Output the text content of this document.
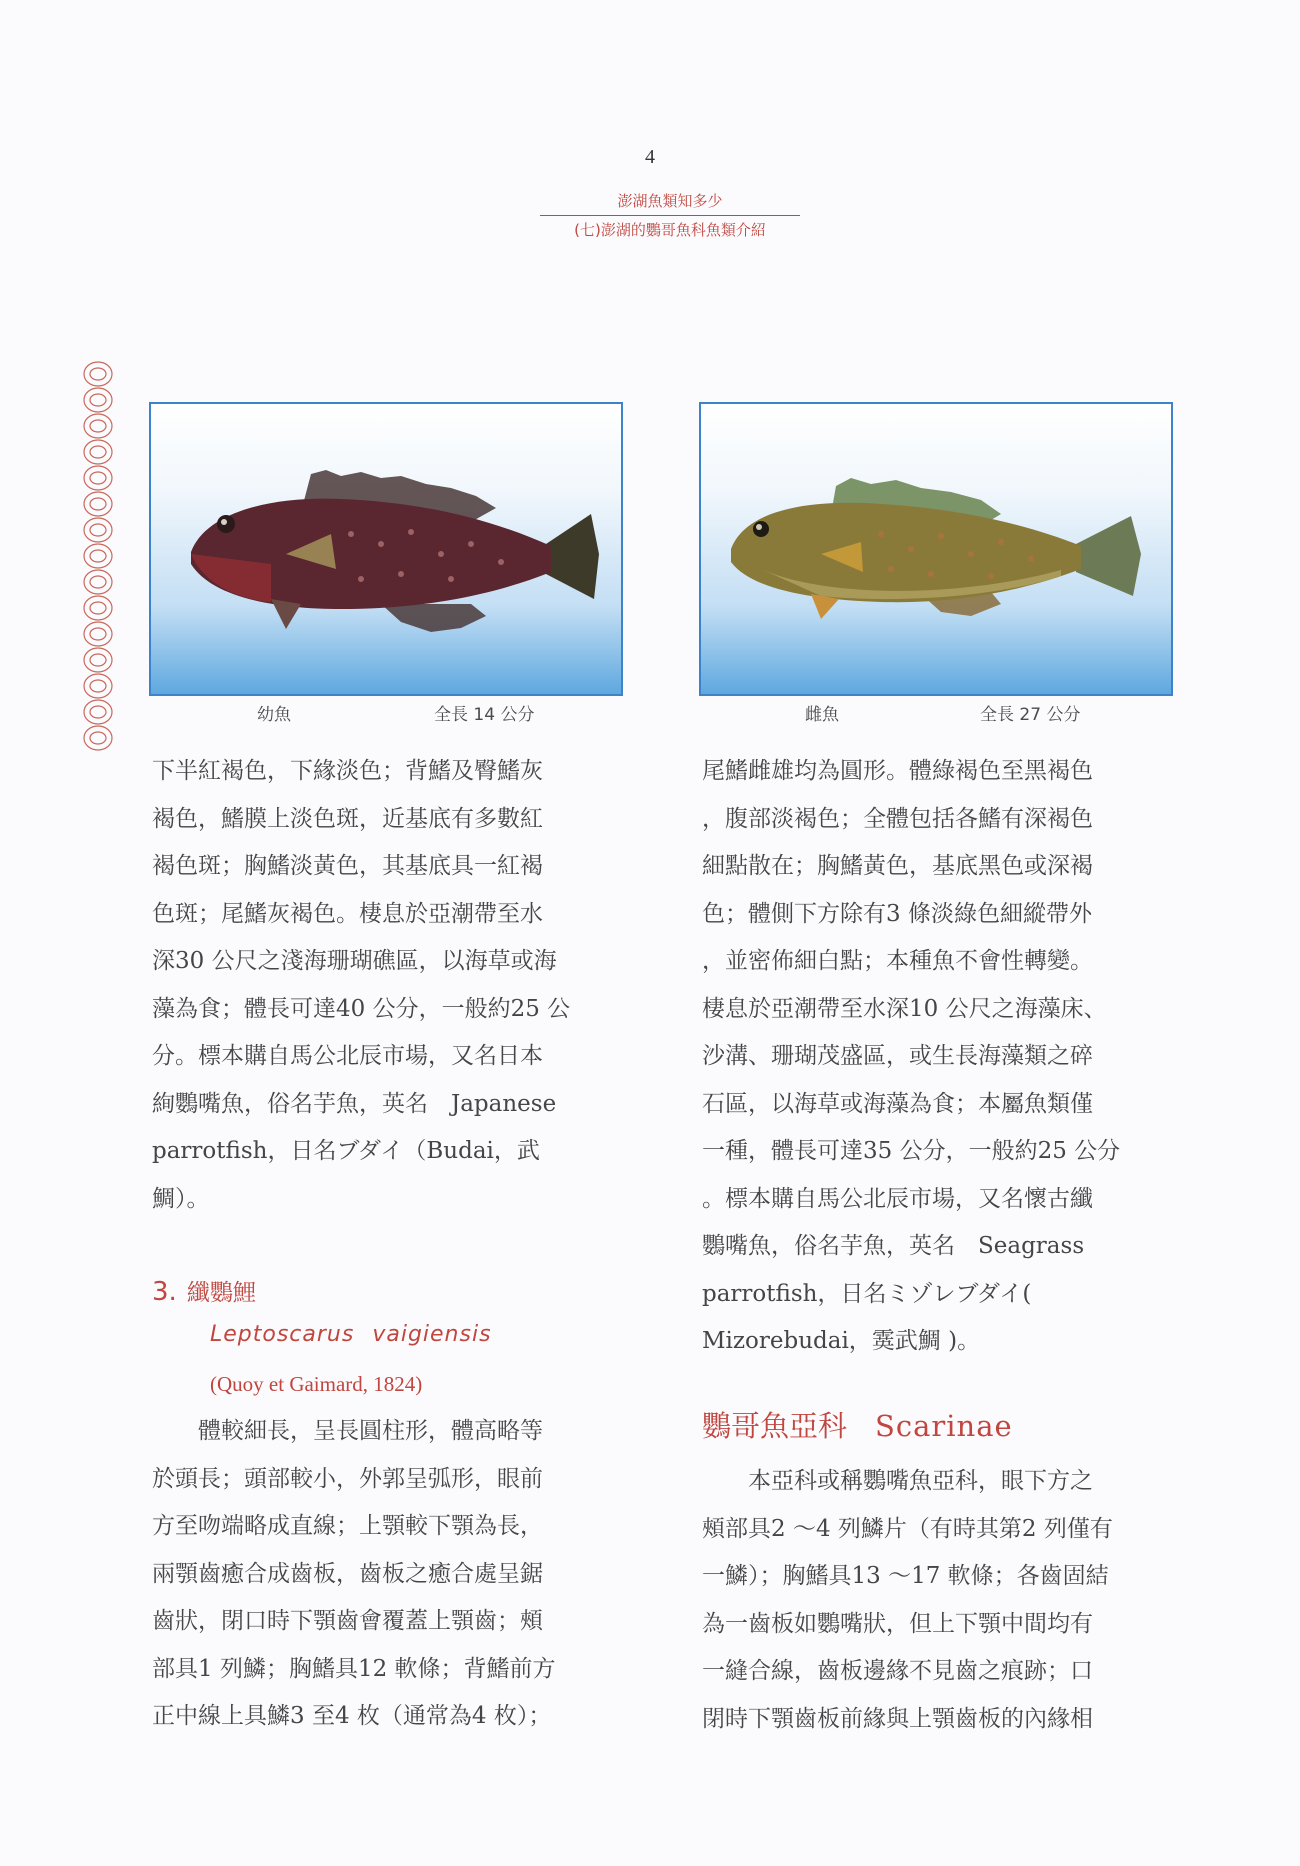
4
澎湖魚類知多少
(七)澎湖的鸚哥魚科魚類介紹
幼魚	全長 14 公分	雌魚	全長 27 公分

下半紅褐色，下緣淡色；背鰭及臀鰭灰

褐色，鰭膜上淡色斑，近基底有多數紅

褐色斑；胸鰭淡黃色，其基底具一紅褐

色斑；尾鰭灰褐色。棲息於亞潮帶至水

深30 公尺之淺海珊瑚礁區，以海草或海

藻為食；體長可達40 公分，一般約25 公

分。標本購自馬公北辰市場，又名日本

絢鸚嘴魚，俗名芋魚，英名　Japanese

parrotfish，日名ブダイ（Budai，武

鯛）。

3. 纖鸚鯉
Leptoscarus vaigiensis
(Quoy et Gaimard, 1824)

體較細長，呈長圓柱形，體高略等

於頭長；頭部較小，外郭呈弧形，眼前

方至吻端略成直線；上顎較下顎為長，

兩顎齒癒合成齒板，齒板之癒合處呈鋸

齒狀，閉口時下顎齒會覆蓋上顎齒；頰

部具1 列鱗；胸鰭具12 軟條；背鰭前方

正中線上具鱗3 至4 枚（通常為4 枚）；

尾鰭雌雄均為圓形。體綠褐色至黑褐色

，腹部淡褐色；全體包括各鰭有深褐色

細點散在；胸鰭黃色，基底黑色或深褐

色；體側下方除有3 條淡綠色細縱帶外

，並密佈細白點；本種魚不會性轉變。

棲息於亞潮帶至水深10 公尺之海藻床、

沙溝、珊瑚茂盛區，或生長海藻類之碎

石區，以海草或海藻為食；本屬魚類僅

一種，體長可達35 公分，一般約25 公分

。標本購自馬公北辰市場，又名懷古纖

鸚嘴魚，俗名芋魚，英名　Seagrass

parrotfish，日名ミゾレブダイ(

Mizorebudai，霙武鯛 )。

鸚哥魚亞科 Scarinae

本亞科或稱鸚嘴魚亞科，眼下方之

頰部具2 ～4 列鱗片（有時其第2 列僅有

一鱗）；胸鰭具13 ～17 軟條；各齒固結

為一齒板如鸚嘴狀，但上下顎中間均有

一縫合線，齒板邊緣不見齒之痕跡；口

閉時下顎齒板前緣與上顎齒板的內緣相
